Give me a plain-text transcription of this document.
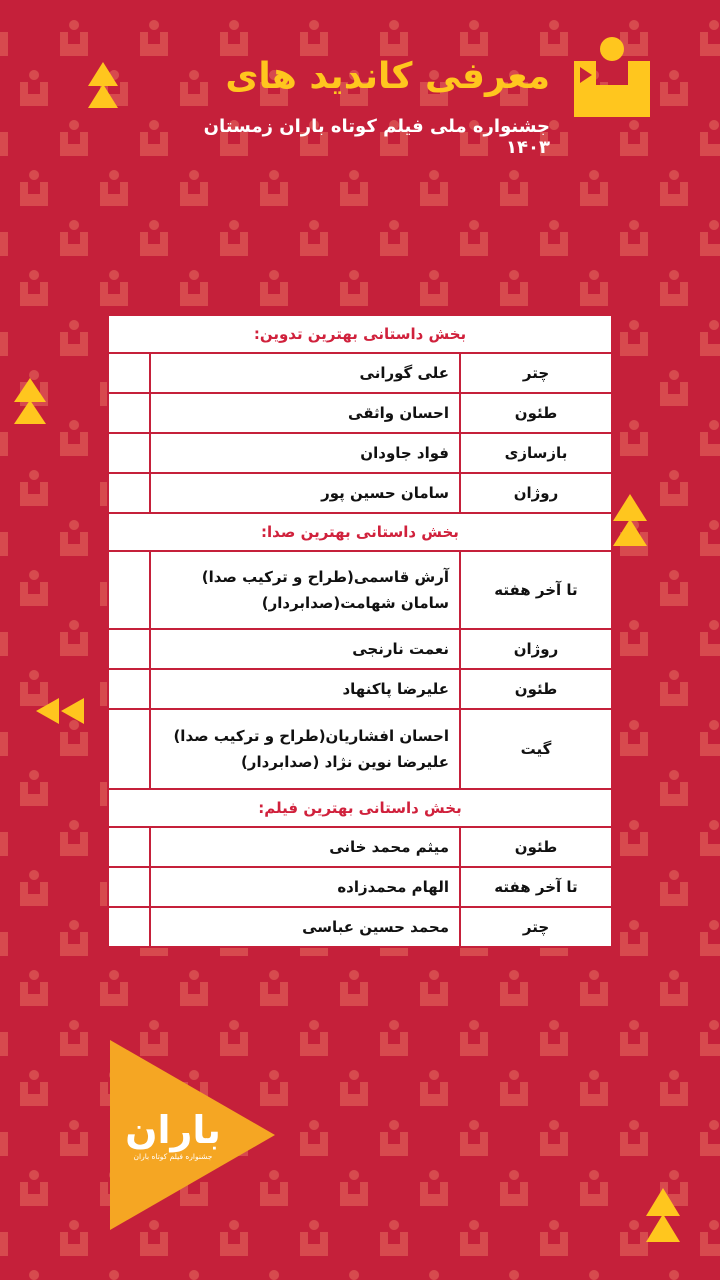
معرفی کاندید های
جشنواره ملی فیلم کوتاه باران زمستان ۱۴۰۳
بخش داستانی بهترین تدوین:		
چتر	علی گورانی	
طئون	احسان واثقی	
بازسازی	فواد جاودان	
روژان	سامان حسین پور	
بخش داستانی بهترین صدا:		
تا آخر هفته	آرش قاسمی(طراح و ترکیب صدا)
سامان شهامت(صدابردار)	
روژان	نعمت نارنجی	
طئون	علیرضا پاکنهاد	
گیت	احسان افشاریان(طراح و ترکیب صدا)
علیرضا نوین نژاد (صدابردار)	
بخش داستانی بهترین فیلم:		
طئون	میثم محمد خانی	
تا آخر هفته	الهام محمدزاده	
چتر	محمد حسین عباسی	
باران
جشنواره فیلم کوتاه باران
